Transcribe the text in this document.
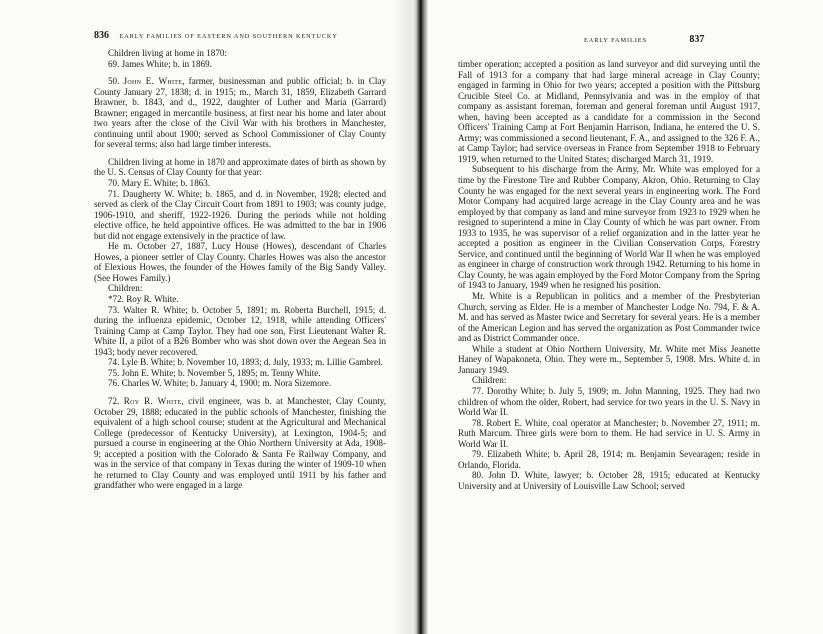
836 EARLY FAMILIES OF EASTERN AND SOUTHERN KENTUCKY

Children living at home in 1870:

69. James White; b. in 1869.

50. John E. White, farmer, businessman and public official; b. in Clay County January 27, 1838; d. in 1915; m., March 31, 1859, Elizabeth Garrard Brawner, b. 1843, and d., 1922, daughter of Luther and Maria (Garrard) Brawner; engaged in mercantile business, at first near his home and later about two years after the close of the Civil War with his brothers in Manchester, continuing until about 1900; served as School Commissioner of Clay County for several terms; also had large timber interests.

Children living at home in 1870 and approximate dates of birth as shown by the U. S. Census of Clay County for that year:

70. Mary E. White; b. 1863.

71. Daugherty W. White; b. 1865, and d. in November, 1928; elected and served as clerk of the Clay Circuit Court from 1891 to 1903; was county judge, 1906-1910, and sheriff, 1922-1926. During the periods while not holding elective office, he held appointive offices. He was admitted to the bar in 1906 but did not engage extensively in the practice of law.

He m. October 27, 1887, Lucy House (Howes), descendant of Charles Howes, a pioneer settler of Clay County. Charles Howes was also the ancestor of Elexious Howes, the founder of the Howes family of the Big Sandy Valley. (See Howes Family.)

Children:

*72. Roy R. White.

73. Walter R. White; b. October 5, 1891; m. Roberta Burchell, 1915; d. during the influenza epidemic, October 12, 1918, while attending Officers' Training Camp at Camp Taylor. They had one son, First Lieutenant Walter R. White II, a pilot of a B26 Bomber who was shot down over the Aegean Sea in 1943; body never recovered.

74. Lyle B. White; b. November 10, 1893; d. July, 1933; m. Lillie Gambrel.

75. John E. White; b. November 5, 1895; m. Tenny White.

76. Charles W. White; b. January 4, 1900; m. Nora Sizemore.

72. Roy R. White, civil engineer, was b. at Manchester, Clay County, October 29, 1888; educated in the public schools of Manchester, finishing the equivalent of a high school course; student at the Agricultural and Mechanical College (predecessor of Kentucky University), at Lexington, 1904-5; and pursued a course in engineering at the Ohio Northern University at Ada, 1908-9; accepted a position with the Colorado & Santa Fe Railway Company, and was in the service of that company in Texas during the winter of 1909-10 when he returned to Clay County and was employed until 1911 by his father and grandfather who were engaged in a large

EARLY FAMILIES	837

timber operation; accepted a position as land surveyor and did surveying until the Fall of 1913 for a company that had large mineral acreage in Clay County; engaged in farming in Ohio for two years; accepted a position with the Pittsburg Crucible Steel Co. at Midland, Pennsylvania and was in the employ of that company as assistant foreman, foreman and general foreman until August 1917, when, having been accepted as a candidate for a commission in the Second Officers' Training Camp at Fort Benjamin Harrison, Indiana, he entered the U. S. Army; was commissioned a second lieutenant, F. A., and assigned to the 326 F. A., at Camp Taylor; had service overseas in France from September 1918 to February 1919, when returned to the United States; discharged March 31, 1919.

Subsequent to his discharge from the Army, Mr. White was employed for a time by the Firestone Tire and Rubber Company, Akron, Ohio. Returning to Clay County he was engaged for the next several years in engineering work. The Ford Motor Company had acquired large acreage in the Clay County area and he was employed by that company as land and mine surveyor from 1923 to 1929 when he resigned to superintend a mine in Clay County of which he was part owner. From 1933 to 1935, he was supervisor of a relief organization and in the latter year he accepted a position as engineer in the Civilian Conservation Corps, Forestry Service, and continued until the beginning of World War II when he was employed as engineer in charge of construction work through 1942. Returning to his home in Clay County, he was again employed by the Ford Motor Company from the Spring of 1943 to January, 1949 when he resigned his position.

Mr. White is a Republican in politics and a member of the Presbyterian Church, serving as Elder. He is a member of Manchester Lodge No. 794, F. & A. M. and has served as Master twice and Secretary for several years. He is a member of the American Legion and has served the organization as Post Commander twice and as District Commander once.

While a student at Ohio Northern University, Mr. White met Miss Jeanette Haney of Wapakoneta, Ohio. They were m., September 5, 1908. Mrs. White d. in January 1949.

Children:

77. Dorothy White; b. July 5, 1909; m. John Manning, 1925. They had two children of whom the older, Robert, had service for two years in the U. S. Navy in World War II.

78. Robert E. White, coal operator at Manchester; b. November 27, 1911; m. Ruth Marcum. Three girls were born to them. He had service in U. S. Army in World War II.

79. Elizabeth White; b. April 28, 1914; m. Benjamin Sevearagen; reside in Orlando, Florida.

80. John D. White, lawyer; b. October 28, 1915; educated at Kentucky University and at University of Louisville Law School; served
